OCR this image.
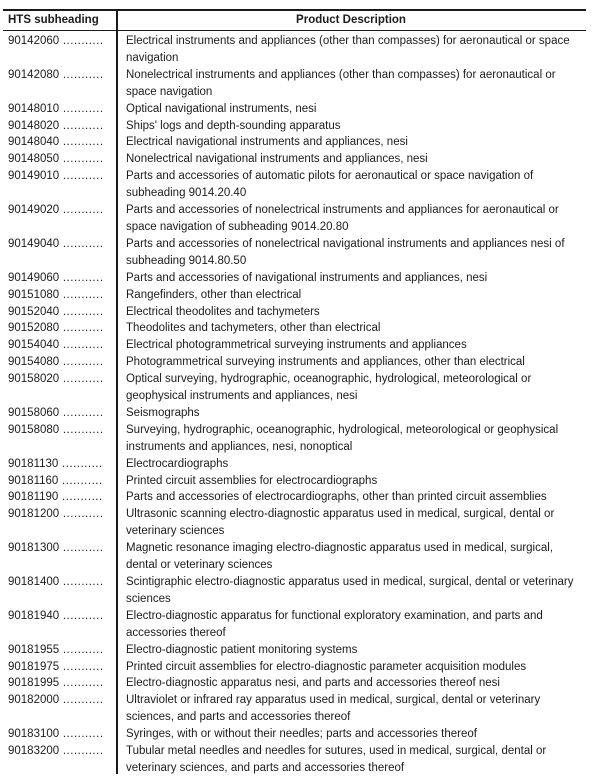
HTS subheading	Product Description
90142060 ...........	Electrical instruments and appliances (other than compasses) for aeronautical or space navigation
90142080 ...........	Nonelectrical instruments and appliances (other than compasses) for aeronautical or space navigation
90148010 ...........	Optical navigational instruments, nesi
90148020 ...........	Ships' logs and depth-sounding apparatus
90148040 ...........	Electrical navigational instruments and appliances, nesi
90148050 ...........	Nonelectrical navigational instruments and appliances, nesi
90149010 ...........	Parts and accessories of automatic pilots for aeronautical or space navigation of subheading 9014.20.40
90149020 ...........	Parts and accessories of nonelectrical instruments and appliances for aeronautical or space navigation of subheading 9014.20.80
90149040 ...........	Parts and accessories of nonelectrical navigational instruments and appliances nesi of subheading 9014.80.50
90149060 ...........	Parts and accessories of navigational instruments and appliances, nesi
90151080 ...........	Rangefinders, other than electrical
90152040 ...........	Electrical theodolites and tachymeters
90152080 ...........	Theodolites and tachymeters, other than electrical
90154040 ...........	Electrical photogrammetrical surveying instruments and appliances
90154080 ...........	Photogrammetrical surveying instruments and appliances, other than electrical
90158020 ...........	Optical surveying, hydrographic, oceanographic, hydrological, meteorological or geophysical instruments and appliances, nesi
90158060 ...........	Seismographs
90158080 ...........	Surveying, hydrographic, oceanographic, hydrological, meteorological or geophysical instruments and appliances, nesi, nonoptical
90181130 ...........	Electrocardiographs
90181160 ...........	Printed circuit assemblies for electrocardiographs
90181190 ...........	Parts and accessories of electrocardiographs, other than printed circuit assemblies
90181200 ...........	Ultrasonic scanning electro-diagnostic apparatus used in medical, surgical, dental or veterinary sciences
90181300 ...........	Magnetic resonance imaging electro-diagnostic apparatus used in medical, surgical, dental or veterinary sciences
90181400 ...........	Scintigraphic electro-diagnostic apparatus used in medical, surgical, dental or veterinary sciences
90181940 ...........	Electro-diagnostic apparatus for functional exploratory examination, and parts and accessories thereof
90181955 ...........	Electro-diagnostic patient monitoring systems
90181975 ...........	Printed circuit assemblies for electro-diagnostic parameter acquisition modules
90181995 ...........	Electro-diagnostic apparatus nesi, and parts and accessories thereof nesi
90182000 ...........	Ultraviolet or infrared ray apparatus used in medical, surgical, dental or veterinary sciences, and parts and accessories thereof
90183100 ...........	Syringes, with or without their needles; parts and accessories thereof
90183200 ...........	Tubular metal needles and needles for sutures, used in medical, surgical, dental or veterinary sciences, and parts and accessories thereof
